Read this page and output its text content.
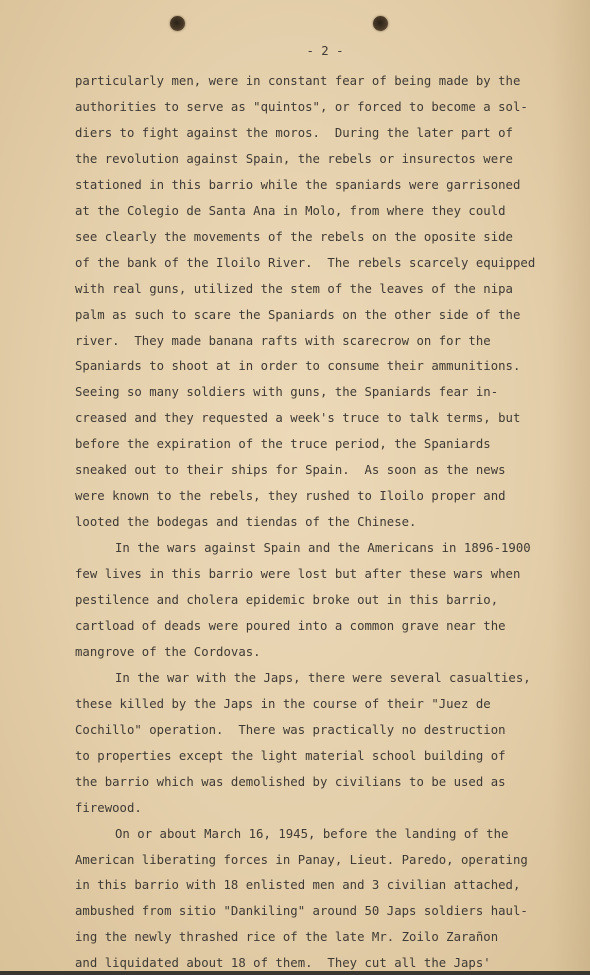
- 2 -
particularly men, were in constant fear of being made by the
authorities to serve as "quintos", or forced to become a sol-
diers to fight against the moros.  During the later part of
the revolution against Spain, the rebels or insurectos were
stationed in this barrio while the spaniards were garrisoned
at the Colegio de Santa Ana in Molo, from where they could
see clearly the movements of the rebels on the oposite side
of the bank of the Iloilo River.  The rebels scarcely equipped
with real guns, utilized the stem of the leaves of the nipa
palm as such to scare the Spaniards on the other side of the
river.  They made banana rafts with scarecrow on for the
Spaniards to shoot at in order to consume their ammunitions.
Seeing so many soldiers with guns, the Spaniards fear in-
creased and they requested a week's truce to talk terms, but
before the expiration of the truce period, the Spaniards
sneaked out to their ships for Spain.  As soon as the news
were known to the rebels, they rushed to Iloilo proper and
looted the bodegas and tiendas of the Chinese.
In the wars against Spain and the Americans in 1896-1900
few lives in this barrio were lost but after these wars when
pestilence and cholera epidemic broke out in this barrio,
cartload of deads were poured into a common grave near the
mangrove of the Cordovas.
In the war with the Japs, there were several casualties,
these killed by the Japs in the course of their "Juez de
Cochillo" operation.  There was practically no destruction
to properties except the light material school building of
the barrio which was demolished by civilians to be used as
firewood.
On or about March 16, 1945, before the landing of the
American liberating forces in Panay, Lieut. Paredo, operating
in this barrio with 18 enlisted men and 3 civilian attached,
ambushed from sitio "Dankiling" around 50 Japs soldiers haul-
ing the newly thrashed rice of the late Mr. Zoilo Zarañon
and liquidated about 18 of them.  They cut all the Japs'
